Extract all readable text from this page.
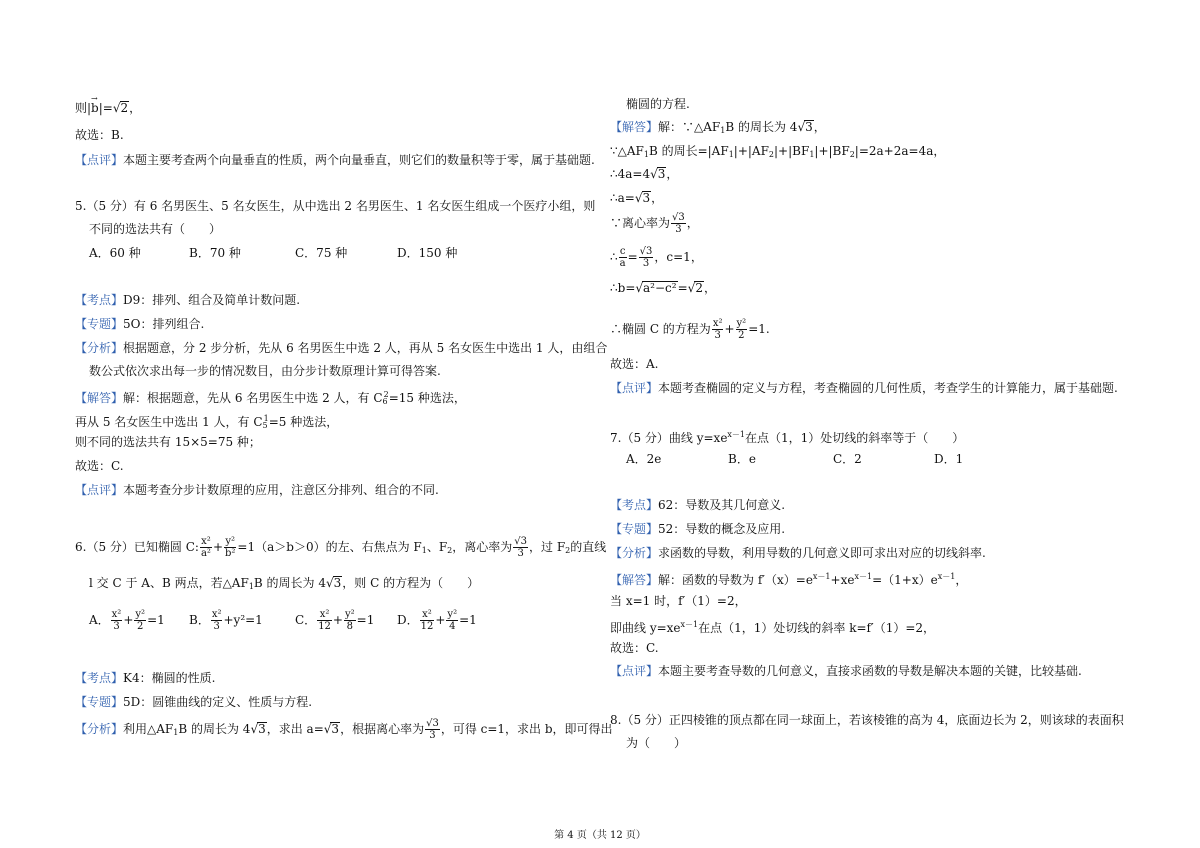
则|→ b|=√2，
故选：B.
【点评】本题主要考查两个向量垂直的性质，两个向量垂直，则它们的数量积等于零，属于基础题.
5.（5 分）有 6 名男医生、5 名女医生，从中选出 2 名男医生、1 名女医生组成一个医疗小组，则
不同的选法共有（　　）
A．60 种	B．70 种	C．75 种	D．150 种
【考点】D9：排列、组合及简单计数问题.
【专题】5O：排列组合.
【分析】根据题意，分 2 步分析，先从 6 名男医生中选 2 人，再从 5 名女医生中选出 1 人，由组合
数公式依次求出每一步的情况数目，由分步计数原理计算可得答案.
【解答】解：根据题意，先从 6 名男医生中选 2 人，有 $C_6^2=15$ 种选法，
再从 5 名女医生中选出 1 人，有 $C_5^1=5$ 种选法，
则不同的选法共有 15×5=75 种；
故选：C.
【点评】本题考查分步计数原理的应用，注意区分排列、组合的不同.
6.（5 分）已知椭圆 C: $\frac{\text{x²}}{\text{a²}} + \frac{\text{y²}}{\text{b²}} =1(a>b>0)$的左、右焦点为 $F_1$、$F_2$，离心率为 $\frac{√3}{3}$ ，过 $F_2$的直线
l 交 C 于 A、B 两点，若$\triangle AF_1B$ 的周长为 4√3，则 C 的方程为（　　）
A． $\frac{\text{x²}}{3} + \frac{\text{y²}}{2} =1$ B． $\frac{\text{x²}}{3} +y^2=1$	C． $\frac{\text{x²}}{12} + \frac{\text{y²}}{8} =1$ D． $\frac{\text{x²}}{12} + \frac{\text{y²}}{4} =1$
【考点】K4：椭圆的性质.
【专题】5D：圆锥曲线的定义、性质与方程.
【分析】利用$\triangle AF_1B$ 的周长为 4√3，求出 a=√3，根据离心率为 $\frac{√3}{3}$ ，可得 c=1，求出 b，即可得出
椭圆的方程.
【解答】解：$\because\triangle AF_1B$ 的周长为 4√3，
$\because\triangle AF_1B$ 的周长$=|AF_1|+|AF_2|+|BF_1|+|BF_2|=2a+2a=4a$，
∴4a=4√3，
∴a=√3，
∵离心率为 $\frac{√3}{3}$ ，
∴ $\frac{c}{a} = \frac{√3}{3}$ ，c=1，
∴b=√a²−c²=√2，
∴椭圆 C 的方程为 $\frac{\text{x²}}{3} + \frac{\text{y²}}{2} =1$.
故选：A.
【点评】本题考查椭圆的定义与方程，考查椭圆的几何性质，考查学生的计算能力，属于基础题.
7.（5 分）曲线 $y=xe^{x-1}$在点（1，1）处切线的斜率等于（　　）
A．2e	B．e	C．2	D．1
【考点】62：导数及其几何意义.
【专题】52：导数的概念及应用.
【分析】求函数的导数，利用导数的几何意义即可求出对应的切线斜率.
【解答】解：函数的导数为 $f'(x)=e^{x-1}+xe^{x-1}=(1+x)e^{x-1}$，
当 x=1 时，f′（1）=2，
即曲线 $y=xe^{x-1}$在点（1，1）处切线的斜率 k=f′（1）=2，
故选：C.
【点评】本题主要考查导数的几何意义，直接求函数的导数是解决本题的关键，比较基础.
8.（5 分）正四棱锥的顶点都在同一球面上，若该棱锥的高为 4，底面边长为 2，则该球的表面积
为（　　）
第 4 页（共 12 页）
